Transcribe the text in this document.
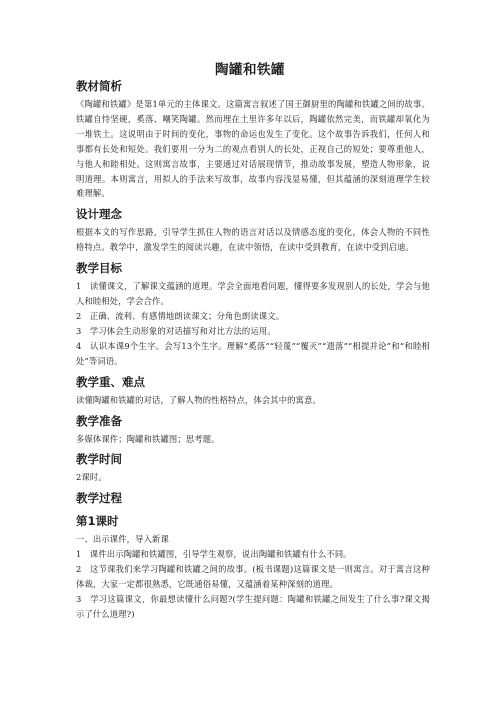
陶罐和铁罐
教材简析

《陶罐和铁罐》是第1单元的主体课文。这篇寓言叙述了国王御厨里的陶罐和铁罐之间的故事。铁罐自恃坚硬，奚落、嘲笑陶罐。然而埋在土里许多年以后，陶罐依然完美，而铁罐却氧化为一堆铁土。这说明由于时间的变化，事物的命运也发生了变化。这个故事告诉我们，任何人和事都有长处和短处。我们要用一分为二的观点看别人的长处，正视自己的短处；要尊重他人，与他人和睦相处。这则寓言故事，主要通过对话展现情节，推动故事发展，塑造人物形象，说明道理。本则寓言，用拟人的手法来写故事，故事内容浅显易懂，但其蕴涵的深刻道理学生较难理解。

设计理念

根据本文的写作思路，引导学生抓住人物的语言对话以及情感态度的变化，体会人物的不同性格特点。教学中，激发学生的阅读兴趣，在读中领悟，在读中受到教育，在读中受到启迪。

教学目标

1　读懂课文，了解课文蕴涵的道理。学会全面地看问题，懂得要多发现别人的长处，学会与他人和睦相处，学会合作。

2　正确、流利、有感情地朗读课文；分角色朗读课文。

3　学习体会生动形象的对话描写和对比方法的运用。

4　认识本课9个生字。会写13个生字。理解“奚落”“轻蔑”“覆灭”“遗落”“相提并论”和“和睦相处”等词语。

教学重、难点

读懂陶罐和铁罐的对话，了解人物的性格特点，体会其中的寓意。

教学准备

多媒体课件；陶罐和铁罐图；思考题。

教学时间

2课时。

教学过程
第1课时

一、出示课件，导入新课

1　课件出示陶罐和铁罐图，引导学生观察，说出陶罐和铁罐有什么不同。

2　这节课我们来学习陶罐和铁罐之间的故事。(板书课题)这篇课文是一则寓言。对于寓言这种体裁，大家一定都很熟悉，它既通俗易懂，又蕴涵着某种深刻的道理。

3　学习这篇课文，你最想读懂什么问题?(学生提问题：陶罐和铁罐之间发生了什么事?课文揭示了什么道理?)
